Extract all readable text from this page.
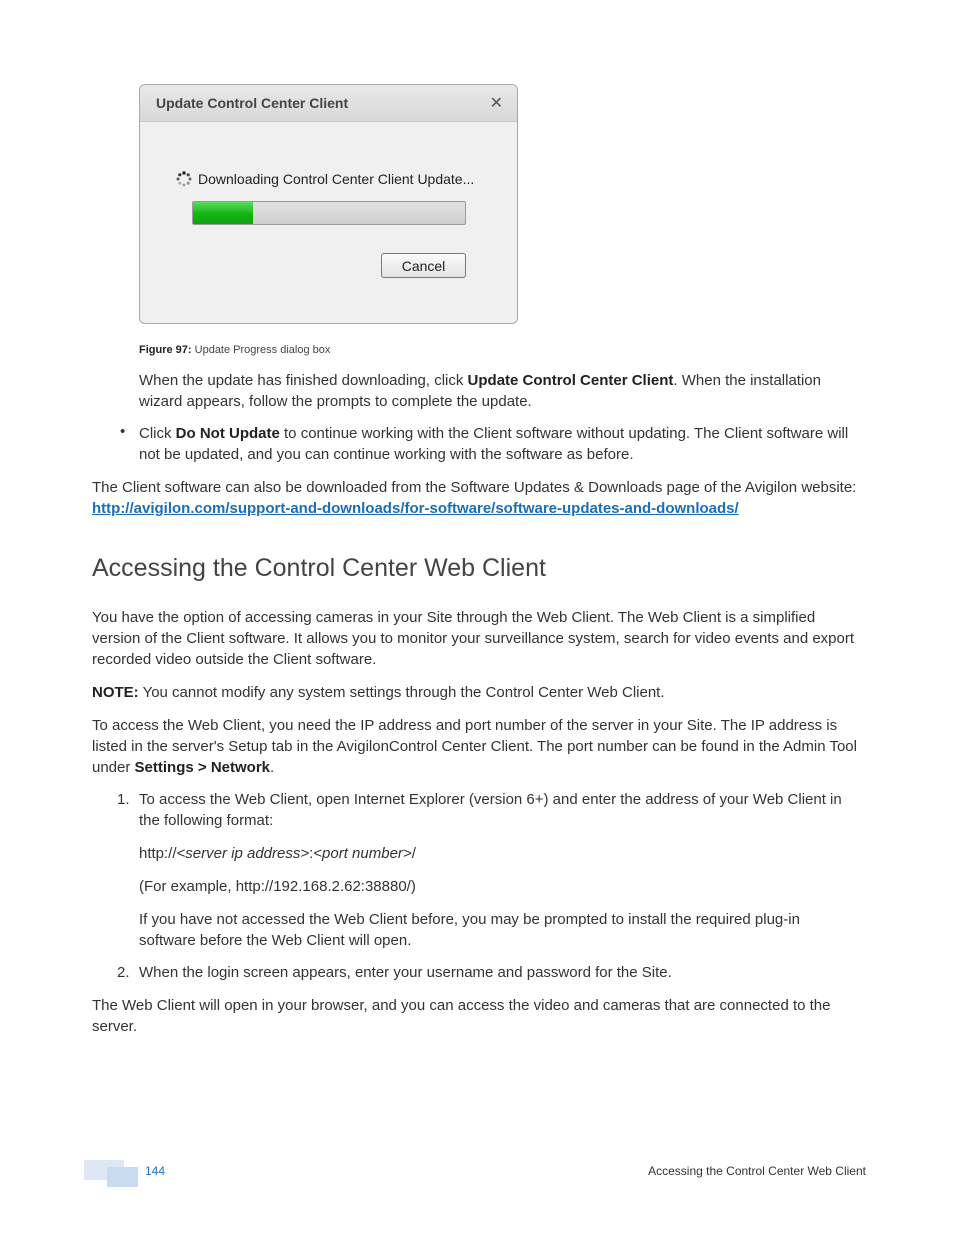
Update Control Center Client	✕
Downloading Control Center Client Update...
Cancel
Figure 97: Update Progress dialog box

When the update has finished downloading, click Update Control Center Client. When the installation wizard appears, follow the prompts to complete the update.

• Click Do Not Update to continue working with the Client software without updating. The Client software will not be updated, and you can continue working with the software as before.

The Client software can also be downloaded from the Software Updates & Downloads page of the Avigilon website: http://avigilon.com/support-and-downloads/for-software/software-updates-and-downloads/

Accessing the Control Center Web Client

You have the option of accessing cameras in your Site through the Web Client. The Web Client is a simplified version of the Client software. It allows you to monitor your surveillance system, search for video events and export recorded video outside the Client software.

NOTE: You cannot modify any system settings through the Control Center Web Client.

To access the Web Client, you need the IP address and port number of the server in your Site. The IP address is listed in the server's Setup tab in the AvigilonControl Center Client. The port number can be found in the Admin Tool under Settings > Network.

1. To access the Web Client, open Internet Explorer (version 6+) and enter the address of your Web Client in the following format:

http://<server ip address>:<port number>/

(For example, http://192.168.2.62:38880/)

If you have not accessed the Web Client before, you may be prompted to install the required plug-in software before the Web Client will open.

2. When the login screen appears, enter your username and password for the Site.

The Web Client will open in your browser, and you can access the video and cameras that are connected to the server.

144	Accessing the Control Center Web Client
